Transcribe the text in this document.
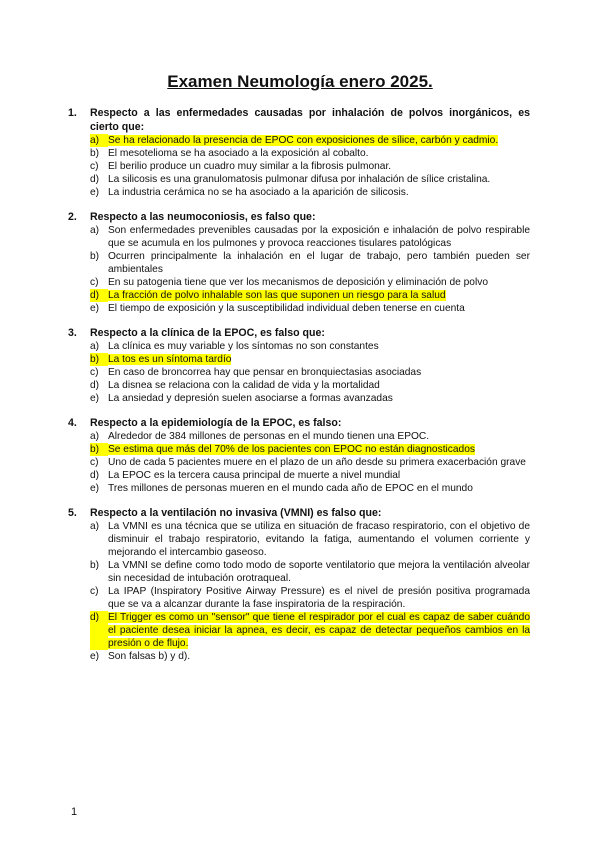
Examen Neumología enero 2025.
1.	Respecto a las enfermedades causadas por inhalación de polvos inorgánicos, es cierto que:
a) Se ha relacionado la presencia de EPOC con exposiciones de sílice, carbón y cadmio.
b) El mesotelioma se ha asociado a la exposición al cobalto.
c) El berilio produce un cuadro muy similar a la fibrosis pulmonar.
d) La silicosis es una granulomatosis pulmonar difusa por inhalación de sílice cristalina.
e) La industria cerámica no se ha asociado a la aparición de silicosis.
2.	Respecto a las neumoconiosis, es falso que:
a) Son enfermedades prevenibles causadas por la exposición e inhalación de polvo respirable que se acumula en los pulmones y provoca reacciones tisulares patológicas
b) Ocurren principalmente la inhalación en el lugar de trabajo, pero también pueden ser ambientales
c) En su patogenia tiene que ver los mecanismos de deposición y eliminación de polvo
d) La fracción de polvo inhalable son las que suponen un riesgo para la salud
e) El tiempo de exposición y la susceptibilidad individual deben tenerse en cuenta
3.	Respecto a la clínica de la EPOC, es falso que:
a) La clínica es muy variable y los síntomas no son constantes
b) La tos es un síntoma tardío
c) En caso de broncorrea hay que pensar en bronquiectasias asociadas
d) La disnea se relaciona con la calidad de vida y la mortalidad
e) La ansiedad y depresión suelen asociarse a formas avanzadas
4.	Respecto a la epidemiología de la EPOC, es falso:
a) Alrededor de 384 millones de personas en el mundo tienen una EPOC.
b) Se estima que más del 70% de los pacientes con EPOC no están diagnosticados
c) Uno de cada 5 pacientes muere en el plazo de un año desde su primera exacerbación grave
d) La EPOC es la tercera causa principal de muerte a nivel mundial
e) Tres millones de personas mueren en el mundo cada año de EPOC en el mundo
5.	Respecto a la ventilación no invasiva (VMNI) es falso que:
a) La VMNI es una técnica que se utiliza en situación de fracaso respiratorio, con el objetivo de disminuir el trabajo respiratorio, evitando la fatiga, aumentando el volumen corriente y mejorando el intercambio gaseoso.
b) La VMNI se define como todo modo de soporte ventilatorio que mejora la ventilación alveolar sin necesidad de intubación orotraqueal.
c) La IPAP (Inspiratory Positive Airway Pressure) es el nivel de presión positiva programada que se va a alcanzar durante la fase inspiratoria de la respiración.
d) El Trigger es como un "sensor" que tiene el respirador por el cual es capaz de saber cuándo el paciente desea iniciar la apnea, es decir, es capaz de detectar pequeños cambios en la presión o de flujo.
e) Son falsas b) y d).
1
